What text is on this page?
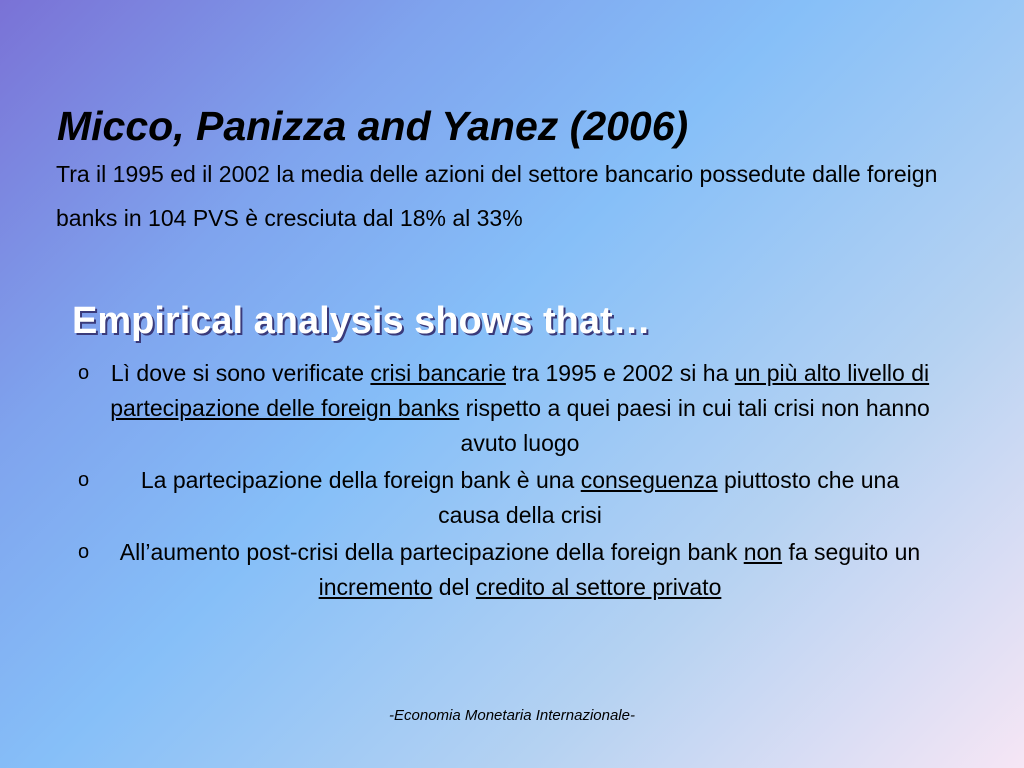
Micco, Panizza and Yanez (2006)

Tra il 1995 ed il 2002 la media delle azioni del settore bancario possedute dalle foreign banks in 104 PVS è cresciuta dal 18% al 33%

Empirical analysis shows that…
o Lì dove si sono verificate crisi bancarie tra 1995 e 2002 si ha un più alto livello di partecipazione delle foreign banks rispetto a quei paesi in cui tali crisi non hanno avuto luogo
o La partecipazione della foreign bank è una conseguenza piuttosto che una causa della crisi
o All’aumento post-crisi della partecipazione della foreign bank non fa seguito un incremento del credito al settore privato
-Economia Monetaria Internazionale-
